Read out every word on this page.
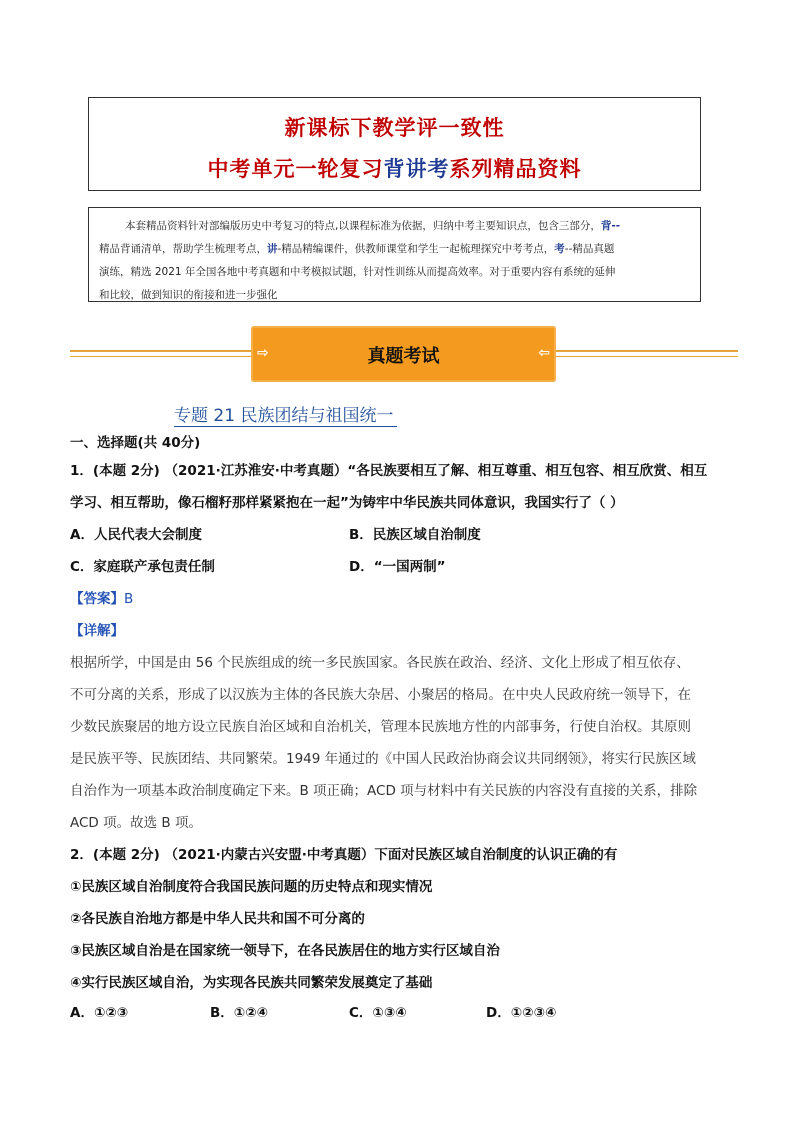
新课标下教学评一致性
中考单元一轮复习背讲考系列精品资料
本套精品资料针对部编版历史中考复习的特点,以课程标准为依据，归纳中考主要知识点，包含三部分，背--
精品背诵清单，帮助学生梳理考点，讲-精品精编课件，供教师课堂和学生一起梳理探究中考考点，考--精品真题
演练，精选 2021 年全国各地中考真题和中考模拟试题，针对性训练从而提高效率。对于重要内容有系统的延伸
和比较，做到知识的衔接和进一步强化
⇨	真题考试	⇦
专题 21 民族团结与祖国统一
一、选择题(共 40分)
1．(本题 2分) （2021·江苏淮安·中考真题）“各民族要相互了解、相互尊重、相互包容、相互欣赏、相互
学习、相互帮助，像石榴籽那样紧紧抱在一起”为铸牢中华民族共同体意识，我国实行了（ ）
A．人民代表大会制度	B．民族区域自治制度
C．家庭联产承包责任制	D．“一国两制”
【答案】B
【详解】
根据所学，中国是由 56 个民族组成的统一多民族国家。各民族在政治、经济、文化上形成了相互依存、
不可分离的关系，形成了以汉族为主体的各民族大杂居、小聚居的格局。在中央人民政府统一领导下，在
少数民族聚居的地方设立民族自治区域和自治机关，管理本民族地方性的内部事务，行使自治权。其原则
是民族平等、民族团结、共同繁荣。1949 年通过的《中国人民政治协商会议共同纲领》，将实行民族区域
自治作为一项基本政治制度确定下来。B 项正确；ACD 项与材料中有关民族的内容没有直接的关系，排除
ACD 项。故选 B 项。
2．(本题 2分) （2021·内蒙古兴安盟·中考真题）下面对民族区域自治制度的认识正确的有
①民族区域自治制度符合我国民族问题的历史特点和现实情况
②各民族自治地方都是中华人民共和国不可分离的
③民族区域自治是在国家统一领导下，在各民族居住的地方实行区域自治
④实行民族区域自治，为实现各民族共同繁荣发展奠定了基础
A．①②③	B．①②④	C．①③④	D．①②③④
